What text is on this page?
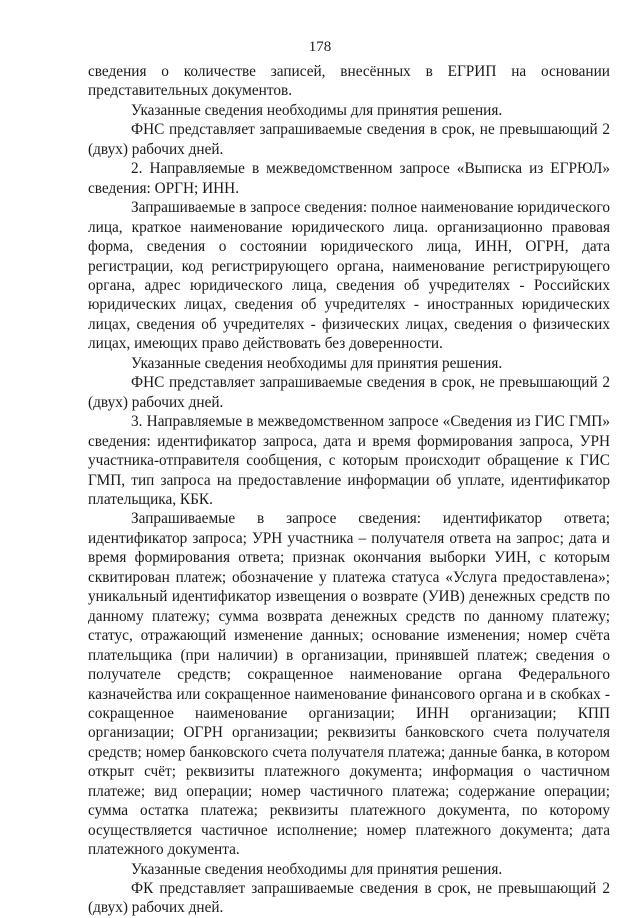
178

сведения о количестве записей, внесённых в ЕГРИП на основании представительных документов.

Указанные сведения необходимы для принятия решения.

ФНС представляет запрашиваемые сведения в срок, не превышающий 2 (двух) рабочих дней.

2. Направляемые в межведомственном запросе «Выписка из ЕГРЮЛ» сведения: ОРГН; ИНН.

Запрашиваемые в запросе сведения: полное наименование юридического лица, краткое наименование юридического лица. организационно правовая форма, сведения о состоянии юридического лица, ИНН, ОГРН, дата регистрации, код регистрирующего органа, наименование регистрирующего органа, адрес юридического лица, сведения об учредителях - Российских юридических лицах, сведения об учредителях - иностранных юридических лицах, сведения об учредителях - физических лицах, сведения о физических лицах, имеющих право действовать без доверенности.

Указанные сведения необходимы для принятия решения.

ФНС представляет запрашиваемые сведения в срок, не превышающий 2 (двух) рабочих дней.

3. Направляемые в межведомственном запросе «Сведения из ГИС ГМП» сведения: идентификатор запроса, дата и время формирования запроса, УРН участника-отправителя сообщения, с которым происходит обращение к ГИС ГМП, тип запроса на предоставление информации об уплате, идентификатор плательщика, КБК.

Запрашиваемые в запросе сведения: идентификатор ответа; идентификатор запроса; УРН участника – получателя ответа на запрос; дата и время формирования ответа; признак окончания выборки УИН, с которым сквитирован платеж; обозначение у платежа статуса «Услуга предоставлена»; уникальный идентификатор извещения о возврате (УИВ) денежных средств по данному платежу; сумма возврата денежных средств по данному платежу; статус, отражающий изменение данных; основание изменения; номер счёта плательщика (при наличии) в организации, принявшей платеж; сведения о получателе средств; сокращенное наименование органа Федерального казначейства или сокращенное наименование финансового органа и в скобках - сокращенное наименование организации; ИНН организации; КПП организации; ОГРН организации; реквизиты банковского счета получателя средств; номер банковского счета получателя платежа; данные банка, в котором открыт счёт; реквизиты платежного документа; информация о частичном платеже; вид операции; номер частичного платежа; содержание операции; сумма остатка платежа; реквизиты платежного документа, по которому осуществляется частичное исполнение; номер платежного документа; дата платежного документа.

Указанные сведения необходимы для принятия решения.

ФК представляет запрашиваемые сведения в срок, не превышающий 2 (двух) рабочих дней.
